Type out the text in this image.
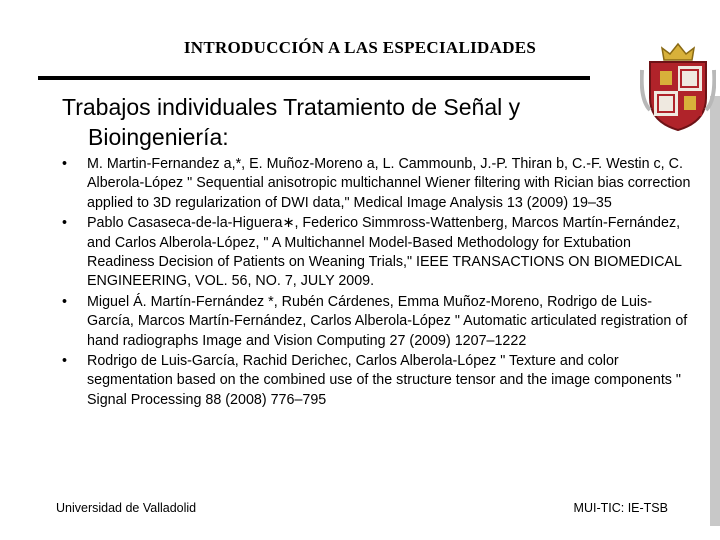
INTRODUCCIÓN A LAS ESPECIALIDADES
Trabajos individuales Tratamiento de Señal y
Bioingeniería:
• M. Martin-Fernandez a,*, E. Muñoz-Moreno a, L. Cammounb, J.-P. Thiran b, C.-F. Westin c, C. Alberola-López " Sequential anisotropic multichannel Wiener filtering with Rician bias correction applied to 3D regularization of DWI data," Medical Image Analysis 13 (2009) 19–35
• Pablo Casaseca-de-la-Higuera∗, Federico Simmross-Wattenberg, Marcos Martín-Fernández, and Carlos Alberola-López, " A Multichannel Model-Based Methodology for Extubation Readiness Decision of Patients on Weaning Trials," IEEE TRANSACTIONS ON BIOMEDICAL ENGINEERING, VOL. 56, NO. 7, JULY 2009.
• Miguel Á. Martín-Fernández *, Rubén Cárdenes, Emma Muñoz-Moreno, Rodrigo de Luis-García, Marcos Martín-Fernández, Carlos Alberola-López " Automatic articulated registration of hand radiographs Image and Vision Computing 27 (2009) 1207–1222
• Rodrigo de Luis-García, Rachid Derichec, Carlos Alberola-López " Texture and color segmentation based on the combined use of the structure tensor and the image components " Signal Processing 88 (2008) 776–795
Universidad de Valladolid	MUI-TIC: IE-TSB
